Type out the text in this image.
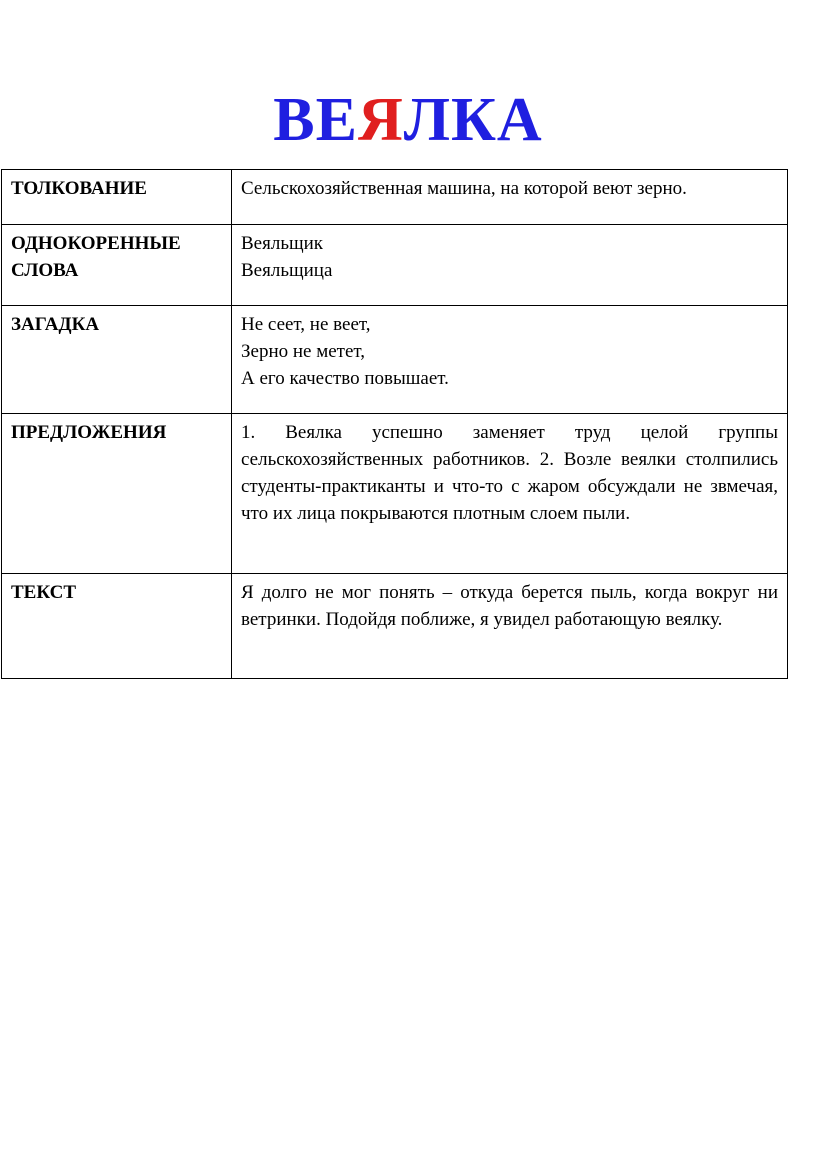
ВЕЯЛКА
ТОЛКОВАНИЕ	Сельскохозяйственная машина, на которой веют зерно.

ОДНОКОРЕННЫЕ СЛОВА	Веяльщик
Веяльщица

ЗАГАДКА	Не сеет, не веет,
Зерно не метет,
А его качество повышает.

ПРЕДЛОЖЕНИЯ	1. Веялка успешно заменяет труд целой группы сельскохозяйственных работников. 2. Возле веялки столпились студенты-практиканты и что-то с жаром обсуждали не звмечая, что их лица покрываются плотным слоем пыли.
ТЕКСТ	Я долго не мог понять – откуда берется пыль, когда вокруг ни ветринки. Подойдя поближе, я увидел работающую веялку.
